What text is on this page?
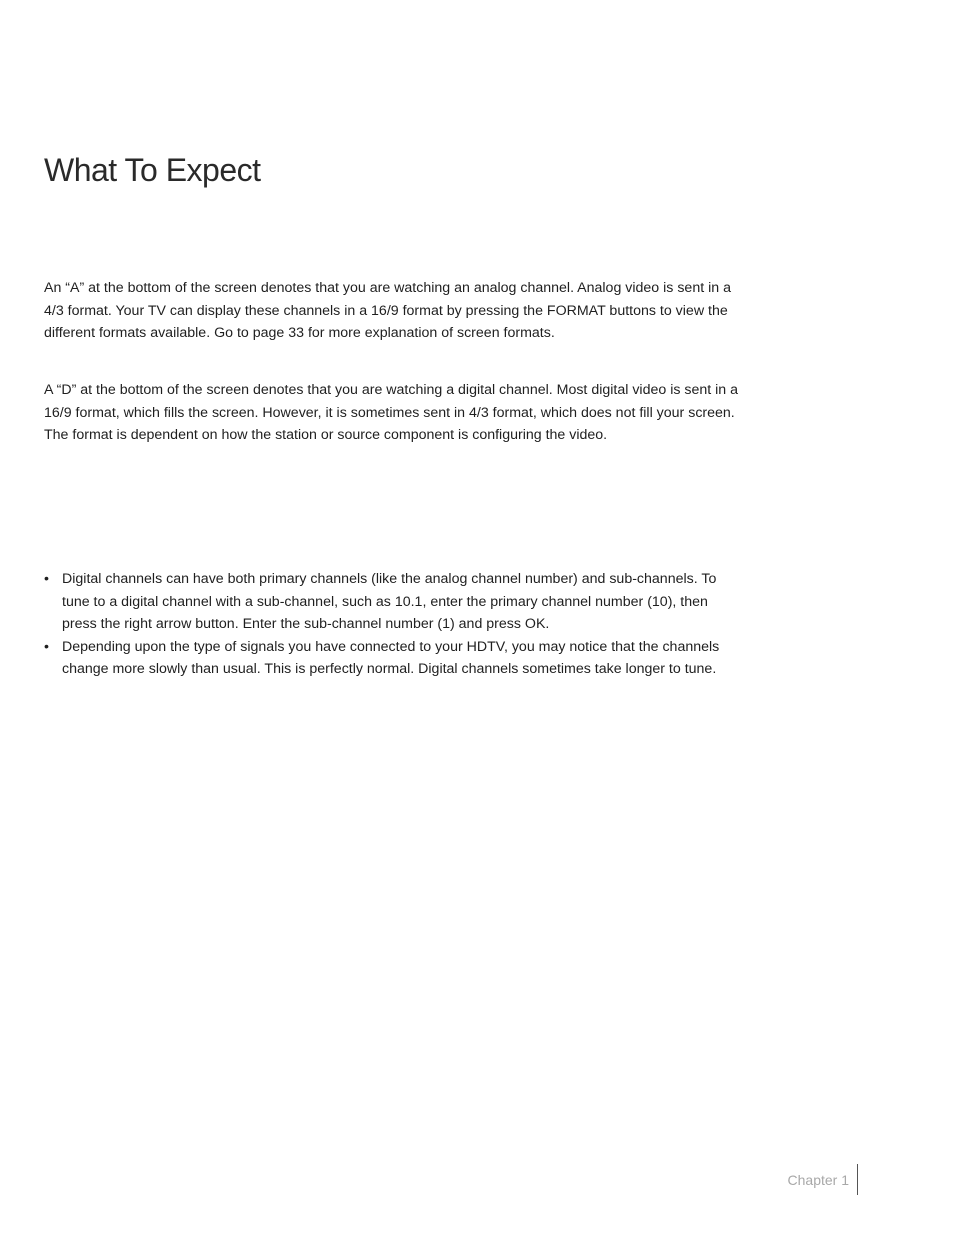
What To Expect

An “A” at the bottom of the screen denotes that you are watching an analog channel. Analog video is sent in a 4/3 format. Your TV can display these channels in a 16/9 format by pressing the FORMAT buttons to view the different formats available. Go to page 33 for more explanation of screen formats.

A “D” at the bottom of the screen denotes that you are watching a digital channel. Most digital video is sent in a 16/9 format, which fills the screen. However, it is sometimes sent in 4/3 format, which does not fill your screen. The format is dependent on how the station or source component is configuring the video.

• Digital channels can have both primary channels (like the analog channel number) and sub-channels. To tune to a digital channel with a sub-channel, such as 10.1, enter the primary channel number (10), then press the right arrow button. Enter the sub-channel number (1) and press OK.
• Depending upon the type of signals you have connected to your HDTV, you may notice that the channels change more slowly than usual. This is perfectly normal. Digital channels sometimes take longer to tune.
Chapter 1
